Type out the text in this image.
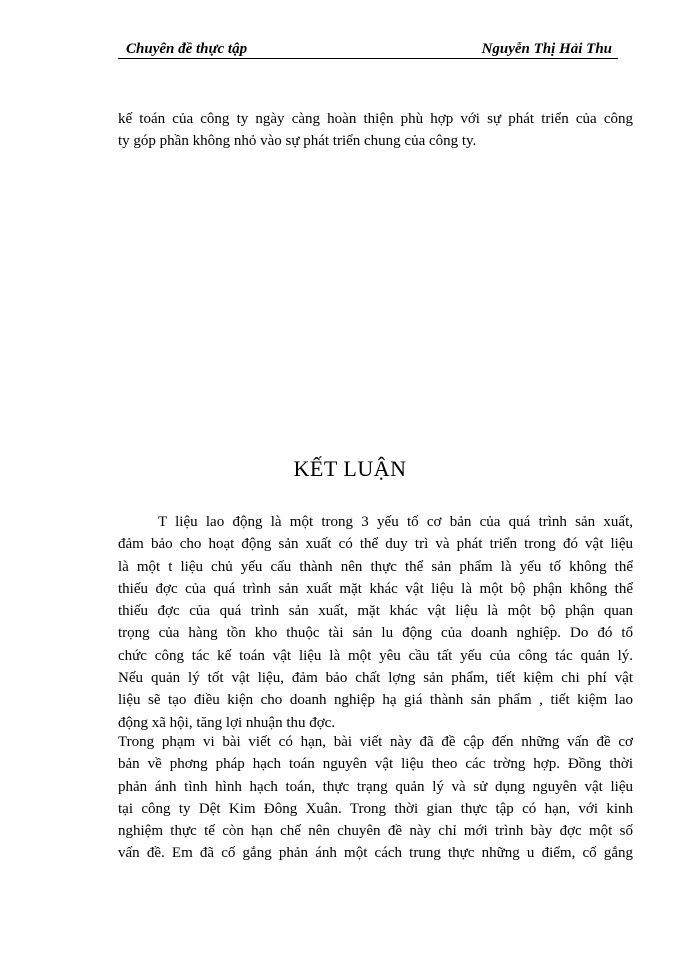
Chuyên đề thực tập	Nguyễn Thị Hải Thu
kế toán của công ty ngày càng hoàn thiện phù hợp với sự phát triển của công
ty góp phần không nhỏ vào sự phát triển chung của công ty.
KẾT LUẬN
T liệu lao động là một trong 3 yếu tố cơ bản của quá trình sản xuất,
đảm bảo cho hoạt động sản xuất có thể duy trì và phát triển trong đó vật liệu
là một t liệu chủ yếu cấu thành nên thực thể sản phẩm là yếu tố không thể
thiếu đợc của quá trình sản xuất mặt khác vật liệu là một bộ phận không thể
thiếu đợc của quá trình sản xuất, mặt khác vật liệu là một bộ phận quan
trọng của hàng tồn kho thuộc tài sản lu động của doanh nghiệp. Do đó tổ
chức công tác kế toán vật liệu là một yêu cầu tất yếu của công tác quản lý.
Nếu quản lý tốt vật liệu, đảm bảo chất lợng sản phẩm, tiết kiệm chi phí vật
liệu sẽ tạo điều kiện cho doanh nghiệp hạ giá thành sản phẩm , tiết kiệm lao
động xã hội, tăng lợi nhuận thu đợc.
Trong phạm vi bài viết có hạn, bài viết này đã đề cập đến những vấn đề cơ
bản về phơng pháp hạch toán nguyên vật liệu theo các trờng hợp. Đồng thời
phản ánh tình hình hạch toán, thực trạng quản lý và sử dụng nguyên vật liệu
tại công ty Dệt Kim Đông Xuân. Trong thời gian thực tập có hạn, với kinh
nghiệm thực tế còn hạn chế nên chuyên đề này chỉ mới trình bày đợc một số
vấn đề. Em đã cố gắng phản ánh một cách trung thực những u điểm, cố gắng
